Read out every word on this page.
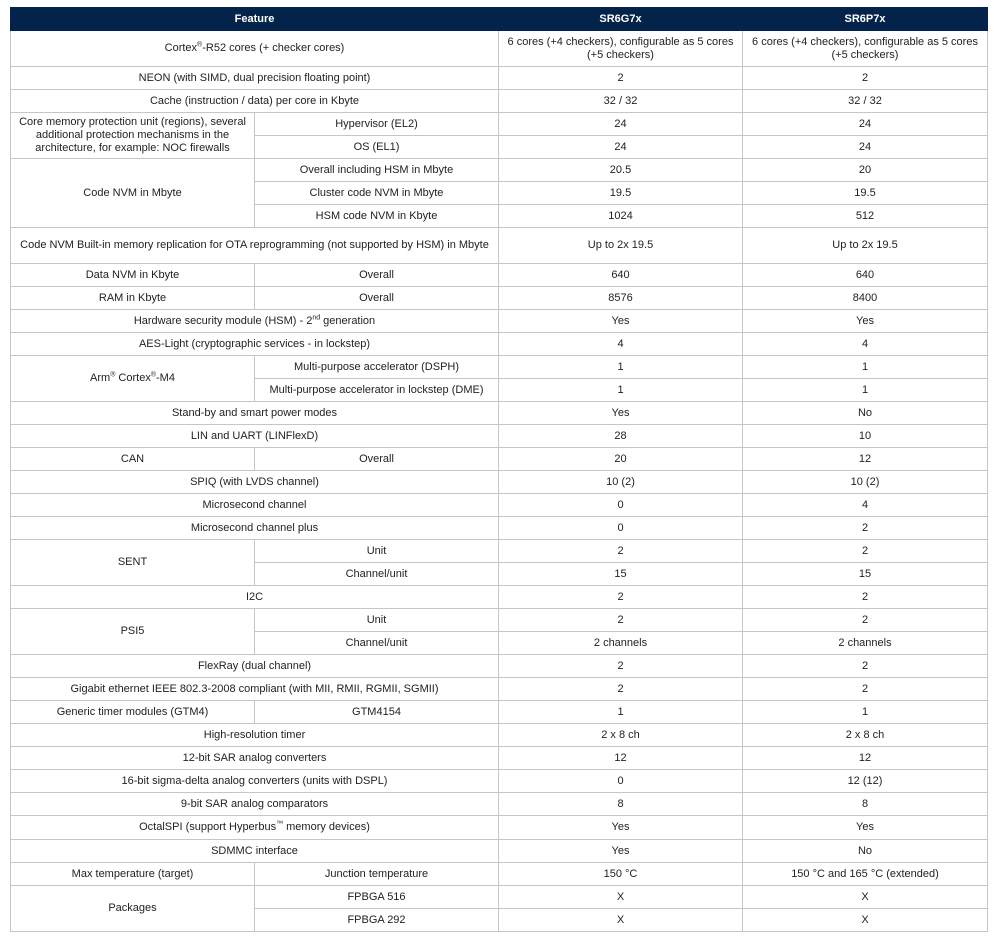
Feature		SR6G7x	SR6P7x
Cortex®-R52 cores (+ checker cores)		6 cores (+4 checkers), configurable as 5 cores (+5 checkers)	6 cores (+4 checkers), configurable as 5 cores (+5 checkers)
NEON (with SIMD, dual precision floating point)		2	2
Cache (instruction / data) per core in Kbyte		32 / 32	32 / 32
Core memory protection unit (regions), several additional protection mechanisms in the architecture, for example: NOC firewalls	Hypervisor (EL2)	24	24
	OS (EL1)	24	24
Code NVM in Mbyte	Overall including HSM in Mbyte	20.5	20
	Cluster code NVM in Mbyte	19.5	19.5
	HSM code NVM in Kbyte	1024	512
Code NVM Built-in memory replication for OTA reprogramming (not supported by HSM) in Mbyte		Up to 2x 19.5	Up to 2x 19.5
Data NVM in Kbyte	Overall	640	640
RAM in Kbyte	Overall	8576	8400
Hardware security module (HSM) - 2nd generation		Yes	Yes
AES-Light (cryptographic services - in lockstep)		4	4
Arm® Cortex®-M4	Multi-purpose accelerator (DSPH)	1	1
	Multi-purpose accelerator in lockstep (DME)	1	1
Stand-by and smart power modes		Yes	No
LIN and UART (LINFlexD)		28	10
CAN	Overall	20	12
SPIQ (with LVDS channel)		10 (2)	10 (2)
Microsecond channel		0	4
Microsecond channel plus		0	2
SENT	Unit	2	2
	Channel/unit	15	15
I2C		2	2
PSI5	Unit	2	2
	Channel/unit	2 channels	2 channels
FlexRay (dual channel)		2	2
Gigabit ethernet IEEE 802.3-2008 compliant (with MII, RMII, RGMII, SGMII)		2	2
Generic timer modules (GTM4)	GTM4154	1	1
High-resolution timer		2 x 8 ch	2 x 8 ch
12-bit SAR analog converters		12	12
16-bit sigma-delta analog converters (units with DSPL)		0	12 (12)
9-bit SAR analog comparators		8	8
OctalSPI (support Hyperbus™ memory devices)		Yes	Yes
SDMMC interface		Yes	No
Max temperature (target)	Junction temperature	150 °C	150 °C and 165 °C (extended)
Packages	FPBGA 516	X	X
	FPBGA 292	X	X
